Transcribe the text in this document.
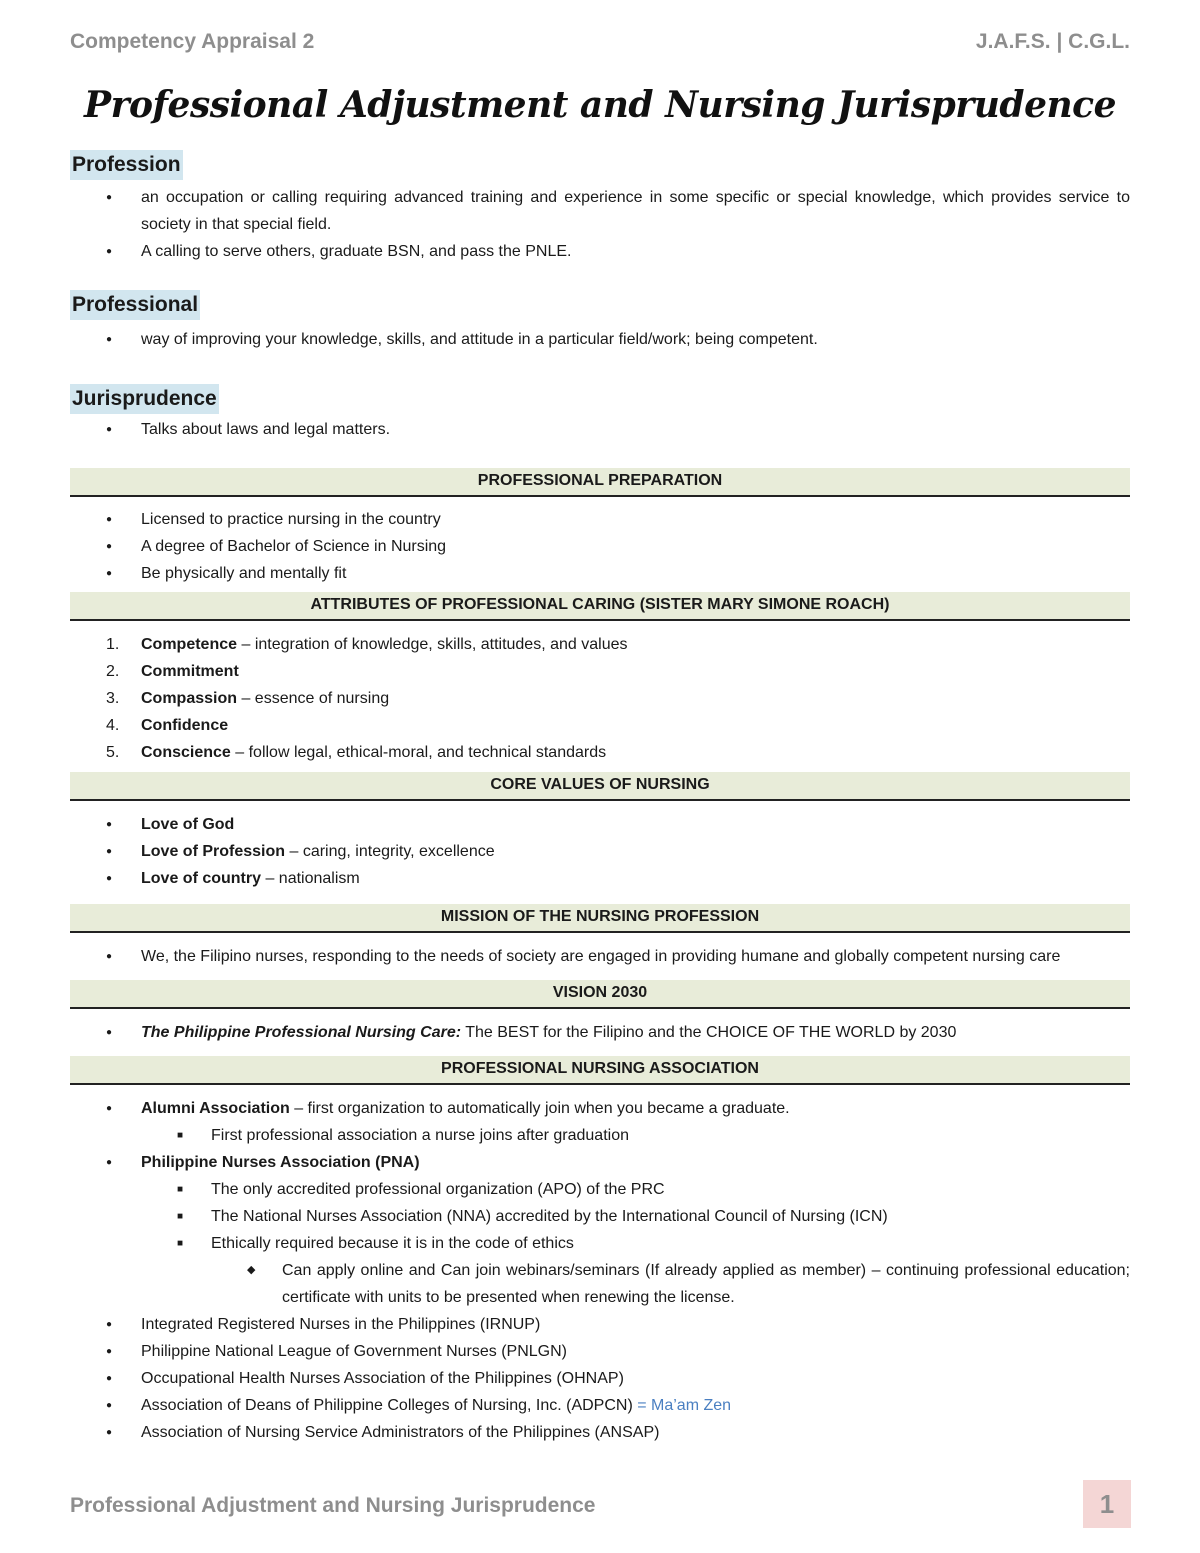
Competency Appraisal 2	J.A.F.S. | C.G.L.
Professional Adjustment and Nursing Jurisprudence
Profession
● an occupation or calling requiring advanced training and experience in some specific or special knowledge, which provides service to society in that special field.
● A calling to serve others, graduate BSN, and pass the PNLE.
Professional
● way of improving your knowledge, skills, and attitude in a particular field/work; being competent.
Jurisprudence
● Talks about laws and legal matters.
PROFESSIONAL PREPARATION
● Licensed to practice nursing in the country
● A degree of Bachelor of Science in Nursing
● Be physically and mentally fit
ATTRIBUTES OF PROFESSIONAL CARING (SISTER MARY SIMONE ROACH)
1. Competence – integration of knowledge, skills, attitudes, and values
2. Commitment
3. Compassion – essence of nursing
4. Confidence
5. Conscience – follow legal, ethical-moral, and technical standards
CORE VALUES OF NURSING
● Love of God
● Love of Profession – caring, integrity, excellence
● Love of country – nationalism
MISSION OF THE NURSING PROFESSION
● We, the Filipino nurses, responding to the needs of society are engaged in providing humane and globally competent nursing care
VISION 2030
● The Philippine Professional Nursing Care: The BEST for the Filipino and the CHOICE OF THE WORLD by 2030
PROFESSIONAL NURSING ASSOCIATION
● Alumni Association – first organization to automatically join when you became a graduate.
■ First professional association a nurse joins after graduation
● Philippine Nurses Association (PNA)
■ The only accredited professional organization (APO) of the PRC
■ The National Nurses Association (NNA) accredited by the International Council of Nursing (ICN)
■ Ethically required because it is in the code of ethics
◆ Can apply online and Can join webinars/seminars (If already applied as member) – continuing professional education; certificate with units to be presented when renewing the license.
● Integrated Registered Nurses in the Philippines (IRNUP)
● Philippine National League of Government Nurses (PNLGN)
● Occupational Health Nurses Association of the Philippines (OHNAP)
● Association of Deans of Philippine Colleges of Nursing, Inc. (ADPCN) = Ma’am Zen
● Association of Nursing Service Administrators of the Philippines (ANSAP)
Professional Adjustment and Nursing Jurisprudence	1
